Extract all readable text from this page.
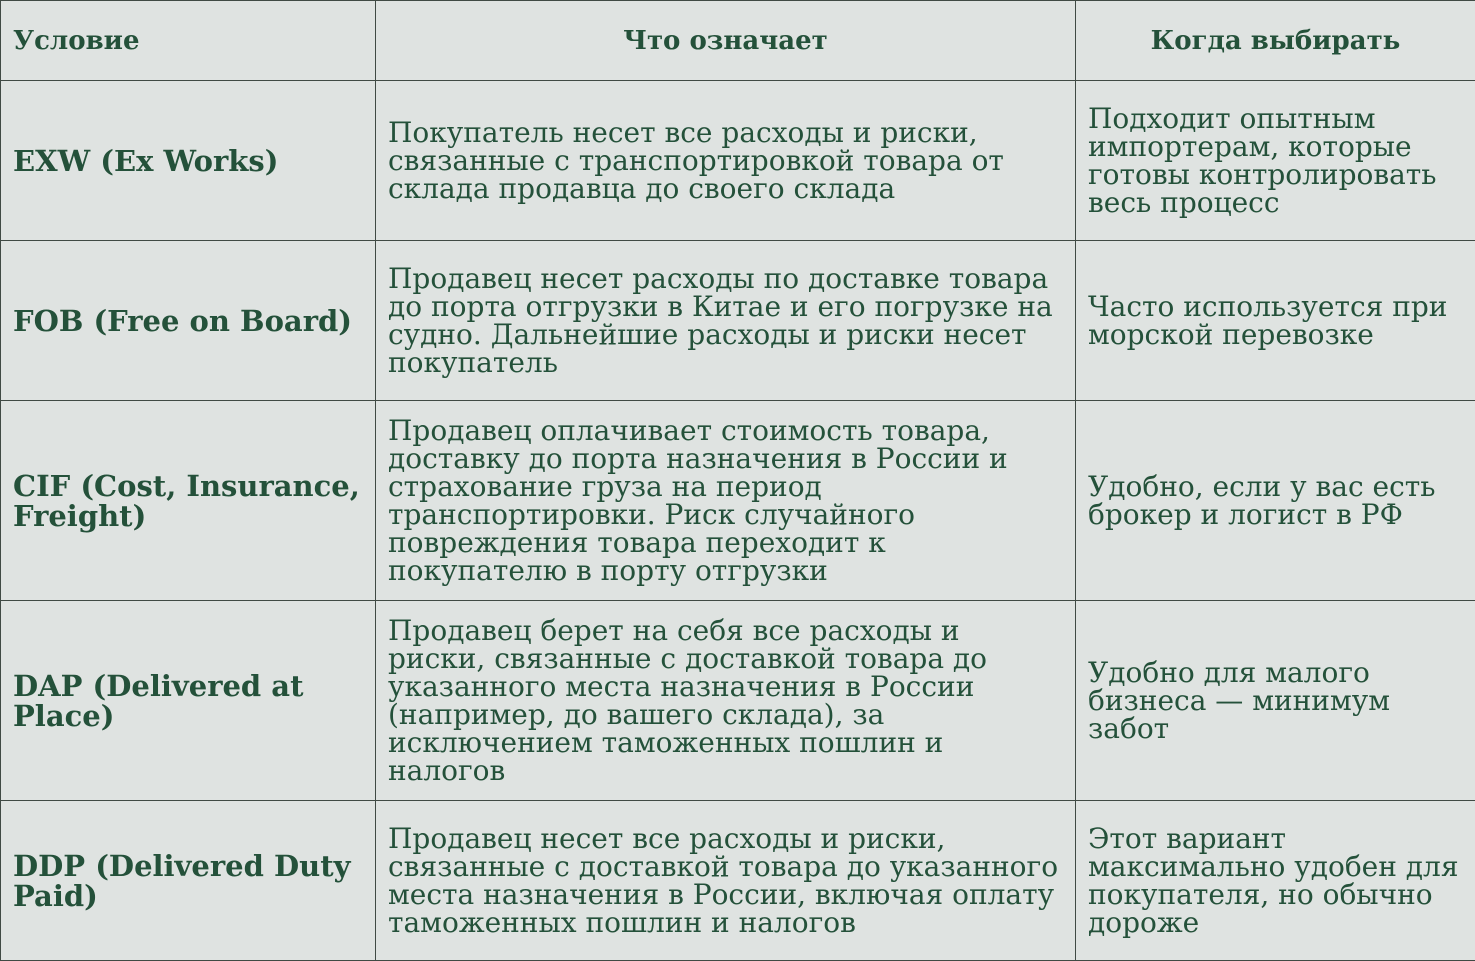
Условие	Что означает	Когда выбирать
EXW (Ex Works)	Покупатель несет все расходы и риски, связанные с транспортировкой товара от склада продавца до своего склада	Подходит опытным импортерам, которые готовы контролировать весь процесс
FOB (Free on Board)	Продавец несет расходы по доставке товара до порта отгрузки в Китае и его погрузке на судно. Дальнейшие расходы и риски несет покупатель	Часто используется при морской перевозке
CIF (Cost, Insurance, Freight)	Продавец оплачивает стоимость товара, доставку до порта назначения в России и страхование груза на период транспортировки. Риск случайного повреждения товара переходит к покупателю в порту отгрузки	Удобно, если у вас есть брокер и логист в РФ
DAP (Delivered at Place)	Продавец берет на себя все расходы и риски, связанные с доставкой товара до указанного места назначения в России (например, до вашего склада), за исключением таможенных пошлин и налогов	Удобно для малого бизнеса — минимум забот
DDP (Delivered Duty Paid)	Продавец несет все расходы и риски, связанные с доставкой товара до указанного места назначения в России, включая оплату таможенных пошлин и налогов	Этот вариант максимально удобен для покупателя, но обычно дороже
